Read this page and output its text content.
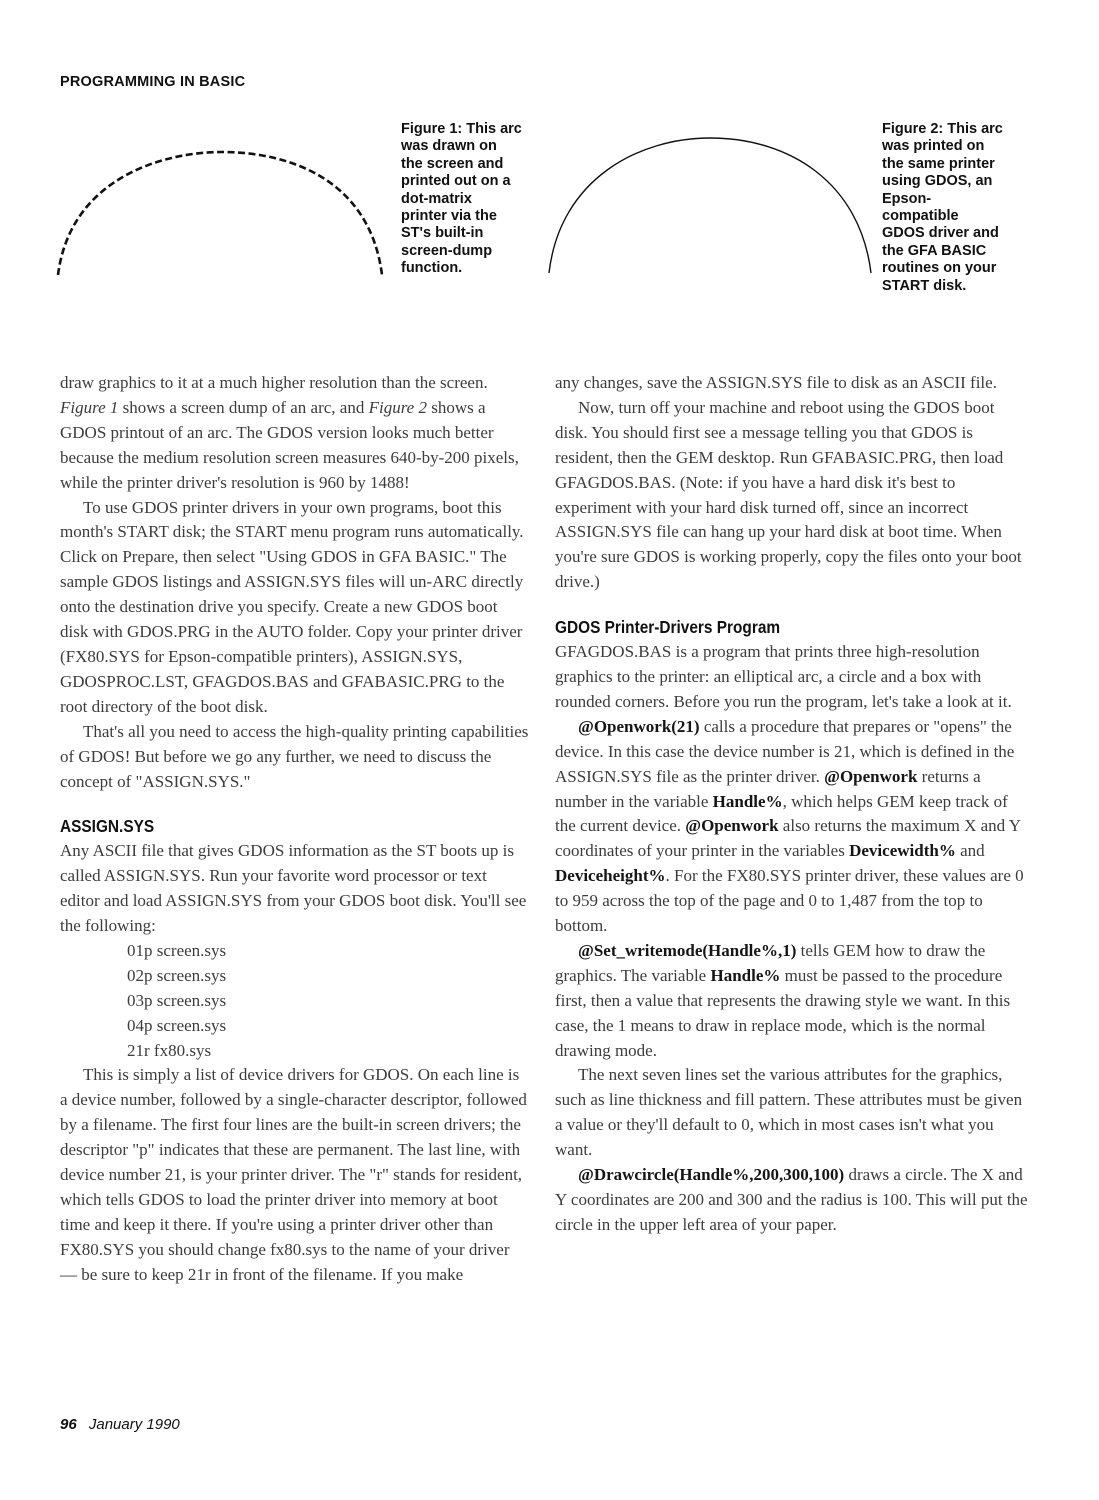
PROGRAMMING IN BASIC
Figure 1: This arc
was drawn on
the screen and
printed out on a
dot-matrix
printer via the
ST's built-in
screen-dump
function.
Figure 2: This arc
was printed on
the same printer
using GDOS, an
Epson-
compatible
GDOS driver and
the GFA BASIC
routines on your
START disk.

draw graphics to it at a much higher resolution than the screen. Figure 1 shows a screen dump of an arc, and Figure 2 shows a GDOS printout of an arc. The GDOS version looks much better because the medium resolution screen measures 640-by-200 pixels, while the printer driver's resolution is 960 by 1488!

To use GDOS printer drivers in your own programs, boot this month's START disk; the START menu program runs automatically. Click on Prepare, then select "Using GDOS in GFA BASIC." The sample GDOS listings and ASSIGN.SYS files will un-ARC directly onto the destination drive you specify. Create a new GDOS boot disk with GDOS.PRG in the AUTO folder. Copy your printer driver (FX80.SYS for Epson-compatible printers), ASSIGN.SYS, GDOSPROC.LST, GFAGDOS.BAS and GFABASIC.PRG to the root directory of the boot disk.

That's all you need to access the high-quality printing capabilities of GDOS! But before we go any further, we need to discuss the concept of "ASSIGN.SYS."

ASSIGN.SYS

Any ASCII file that gives GDOS information as the ST boots up is called ASSIGN.SYS. Run your favorite word processor or text editor and load ASSIGN.SYS from your GDOS boot disk. You'll see the following:

01p screen.sys
02p screen.sys
03p screen.sys
04p screen.sys
21r fx80.sys

This is simply a list of device drivers for GDOS. On each line is a device number, followed by a single-character descriptor, followed by a filename. The first four lines are the built-in screen drivers; the descriptor "p" indicates that these are permanent. The last line, with device number 21, is your printer driver. The "r" stands for resident, which tells GDOS to load the printer driver into memory at boot time and keep it there. If you're using a printer driver other than FX80.SYS you should change fx80.sys to the name of your driver — be sure to keep 21r in front of the filename. If you make

any changes, save the ASSIGN.SYS file to disk as an ASCII file.

Now, turn off your machine and reboot using the GDOS boot disk. You should first see a message telling you that GDOS is resident, then the GEM desktop. Run GFABASIC.PRG, then load GFAGDOS.BAS. (Note: if you have a hard disk it's best to experiment with your hard disk turned off, since an incorrect ASSIGN.SYS file can hang up your hard disk at boot time. When you're sure GDOS is working properly, copy the files onto your boot drive.)

GDOS Printer-Drivers Program

GFAGDOS.BAS is a program that prints three high-resolution graphics to the printer: an elliptical arc, a circle and a box with rounded corners. Before you run the program, let's take a look at it.

@Openwork(21) calls a procedure that prepares or "opens" the device. In this case the device number is 21, which is defined in the ASSIGN.SYS file as the printer driver. @Openwork returns a number in the variable Handle%, which helps GEM keep track of the current device. @Openwork also returns the maximum X and Y coordinates of your printer in the variables Devicewidth% and Deviceheight%. For the FX80.SYS printer driver, these values are 0 to 959 across the top of the page and 0 to 1,487 from the top to bottom.

@Set_writemode(Handle%,1) tells GEM how to draw the graphics. The variable Handle% must be passed to the procedure first, then a value that represents the drawing style we want. In this case, the 1 means to draw in replace mode, which is the normal drawing mode.

The next seven lines set the various attributes for the graphics, such as line thickness and fill pattern. These attributes must be given a value or they'll default to 0, which in most cases isn't what you want.

@Drawcircle(Handle%,200,300,100) draws a circle. The X and Y coordinates are 200 and 300 and the radius is 100. This will put the circle in the upper left area of your paper.

96 January 1990
